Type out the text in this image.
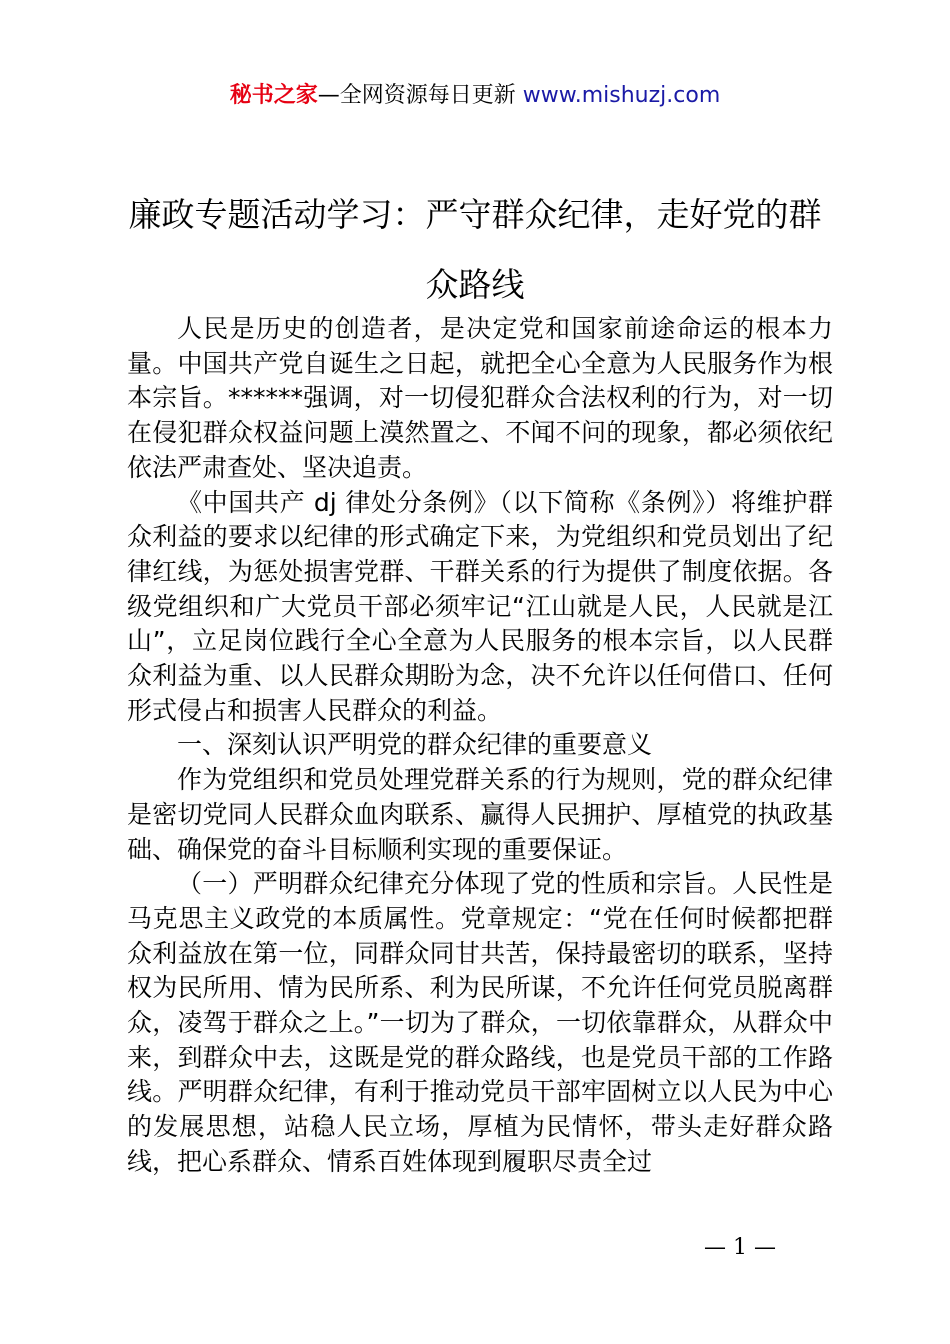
秘书之家—全网资源每日更新 www.mishuzj.com
廉政专题活动学习：严守群众纪律，走好党的群众路线

人民是历史的创造者，是决定党和国家前途命运的根本力量。中国共产党自诞生之日起，就把全心全意为人民服务作为根本宗旨。******强调，对一切侵犯群众合法权利的行为，对一切在侵犯群众权益问题上漠然置之、不闻不问的现象，都必须依纪依法严肃查处、坚决追责。

《中国共产 dj 律处分条例》（以下简称《条例》）将维护群众利益的要求以纪律的形式确定下来，为党组织和党员划出了纪律红线，为惩处损害党群、干群关系的行为提供了制度依据。各级党组织和广大党员干部必须牢记“江山就是人民，人民就是江山”，立足岗位践行全心全意为人民服务的根本宗旨，以人民群众利益为重、以人民群众期盼为念，决不允许以任何借口、任何形式侵占和损害人民群众的利益。

一、深刻认识严明党的群众纪律的重要意义

作为党组织和党员处理党群关系的行为规则，党的群众纪律是密切党同人民群众血肉联系、赢得人民拥护、厚植党的执政基础、确保党的奋斗目标顺利实现的重要保证。

（一）严明群众纪律充分体现了党的性质和宗旨。人民性是马克思主义政党的本质属性。党章规定：“党在任何时候都把群众利益放在第一位，同群众同甘共苦，保持最密切的联系，坚持权为民所用、情为民所系、利为民所谋，不允许任何党员脱离群众，凌驾于群众之上。”一切为了群众，一切依靠群众，从群众中来，到群众中去，这既是党的群众路线，也是党员干部的工作路线。严明群众纪律，有利于推动党员干部牢固树立以人民为中心的发展思想，站稳人民立场，厚植为民情怀，带头走好群众路线，把心系群众、情系百姓体现到履职尽责全过

— 1 —
